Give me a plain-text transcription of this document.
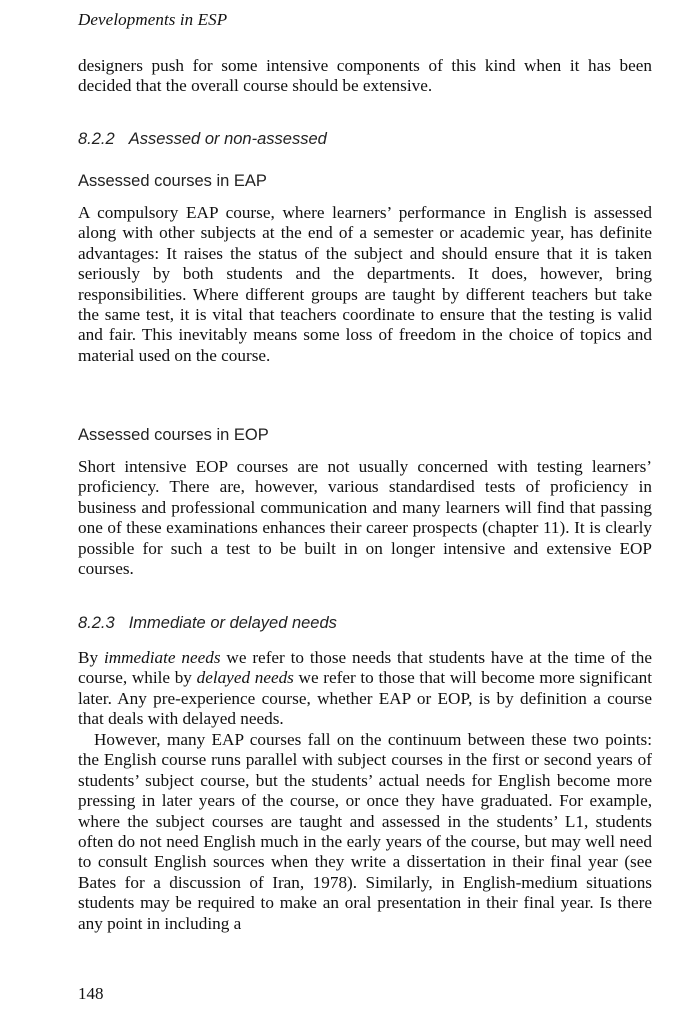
Developments in ESP

designers push for some intensive components of this kind when it has been decided that the overall course should be extensive.

8.2.2 Assessed or non-assessed
Assessed courses in EAP

A compulsory EAP course, where learners’ performance in English is assessed along with other subjects at the end of a semester or academic year, has definite advantages: It raises the status of the subject and should ensure that it is taken seriously by both students and the departments. It does, however, bring responsibilities. Where different groups are taught by different teachers but take the same test, it is vital that teachers coordinate to ensure that the testing is valid and fair. This inevitably means some loss of freedom in the choice of topics and material used on the course.

Assessed courses in EOP

Short intensive EOP courses are not usually concerned with testing learners’ proficiency. There are, however, various standardised tests of proficiency in business and professional communication and many learners will find that passing one of these examinations enhances their career prospects (chapter 11). It is clearly possible for such a test to be built in on longer intensive and extensive EOP courses.

8.2.3 Immediate or delayed needs

By immediate needs we refer to those needs that students have at the time of the course, while by delayed needs we refer to those that will become more significant later. Any pre-experience course, whether EAP or EOP, is by definition a course that deals with delayed needs.

However, many EAP courses fall on the continuum between these two points: the English course runs parallel with subject courses in the first or second years of students’ subject course, but the students’ actual needs for English become more pressing in later years of the course, or once they have graduated. For example, where the subject courses are taught and assessed in the students’ L1, students often do not need English much in the early years of the course, but may well need to consult English sources when they write a dissertation in their final year (see Bates for a discussion of Iran, 1978). Similarly, in English-medium situations students may be required to make an oral presentation in their final year. Is there any point in including a

148
